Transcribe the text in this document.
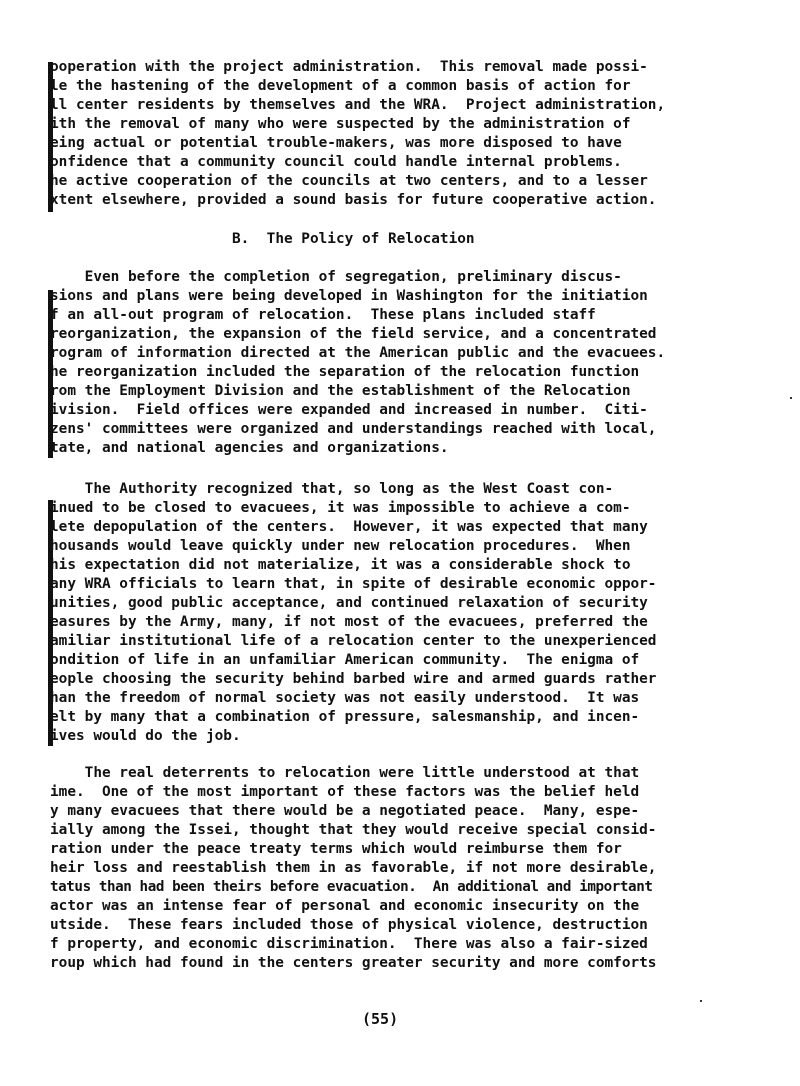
ooperation with the project administration.  This removal made possi-
le the hastening of the development of a common basis of action for
ll center residents by themselves and the WRA.  Project administration,
ith the removal of many who were suspected by the administration of
eing actual or potential trouble-makers, was more disposed to have
onfidence that a community council could handle internal problems.
he active cooperation of the councils at two centers, and to a lesser
xtent elsewhere, provided a sound basis for future cooperative action.
B.  The Policy of Relocation
Even before the completion of segregation, preliminary discus-
sions and plans were being developed in Washington for the initiation
f an all-out program of relocation.  These plans included staff
reorganization, the expansion of the field service, and a concentrated
rogram of information directed at the American public and the evacuees.
he reorganization included the separation of the relocation function
rom the Employment Division and the establishment of the Relocation
ivision.  Field offices were expanded and increased in number.  Citi-
zens' committees were organized and understandings reached with local,
tate, and national agencies and organizations.
The Authority recognized that, so long as the West Coast con-
inued to be closed to evacuees, it was impossible to achieve a com-
lete depopulation of the centers.  However, it was expected that many
housands would leave quickly under new relocation procedures.  When
his expectation did not materialize, it was a considerable shock to
any WRA officials to learn that, in spite of desirable economic oppor-
unities, good public acceptance, and continued relaxation of security
easures by the Army, many, if not most of the evacuees, preferred the
amiliar institutional life of a relocation center to the unexperienced
ondition of life in an unfamiliar American community.  The enigma of
eople choosing the security behind barbed wire and armed guards rather
han the freedom of normal society was not easily understood.  It was
elt by many that a combination of pressure, salesmanship, and incen-
ives would do the job.
The real deterrents to relocation were little understood at that
ime.  One of the most important of these factors was the belief held
y many evacuees that there would be a negotiated peace.  Many, espe-
ially among the Issei, thought that they would receive special consid-
ration under the peace treaty terms which would reimburse them for
heir loss and reestablish them in as favorable, if not more desirable,
tatus than had been theirs before evacuation.  An additional and important
actor was an intense fear of personal and economic insecurity on the
utside.  These fears included those of physical violence, destruction
f property, and economic discrimination.  There was also a fair-sized
roup which had found in the centers greater security and more comforts
(55)
